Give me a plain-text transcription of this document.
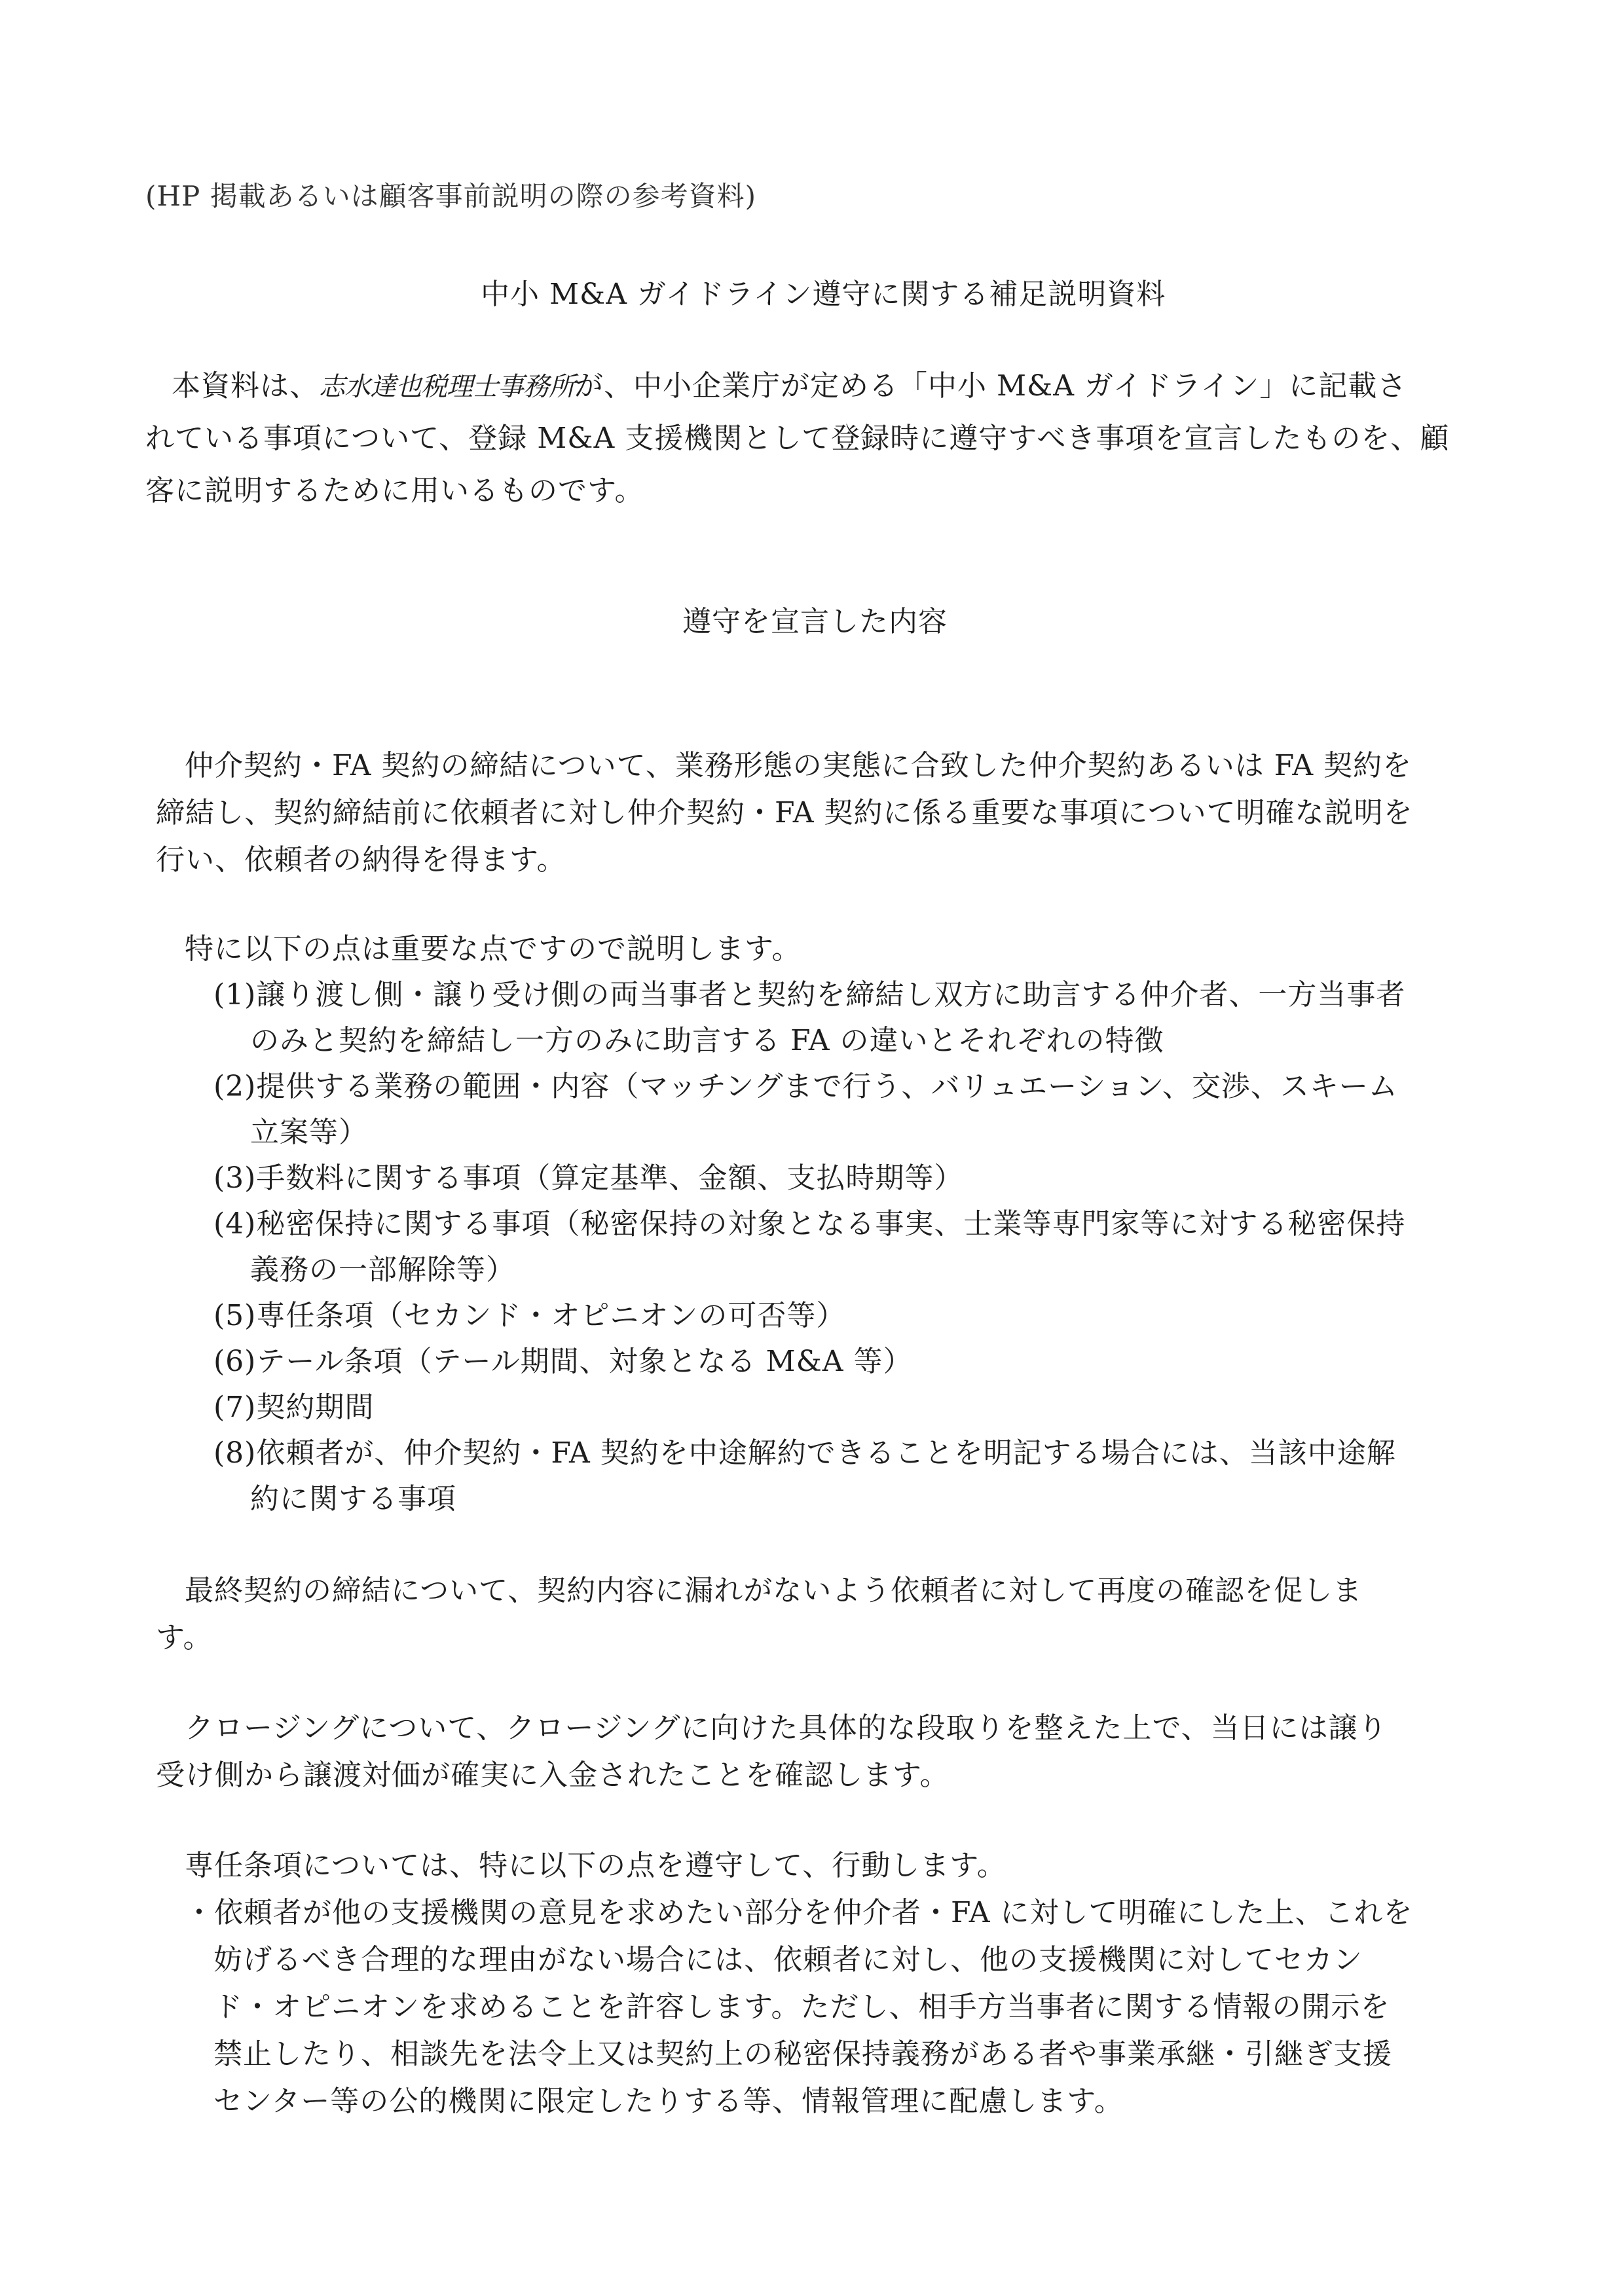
(HP 掲載あるいは顧客事前説明の際の参考資料)
中小 M&A ガイドライン遵守に関する補足説明資料
本資料は、志水達也税理士事務所が、中小企業庁が定める「中小 M&A ガイドライン」に記載さ
れている事項について、登録 M&A 支援機関として登録時に遵守すべき事項を宣言したものを、顧
客に説明するために用いるものです。
遵守を宣言した内容
仲介契約・FA 契約の締結について、業務形態の実態に合致した仲介契約あるいは FA 契約を
締結し、契約締結前に依頼者に対し仲介契約・FA 契約に係る重要な事項について明確な説明を
行い、依頼者の納得を得ます。
特に以下の点は重要な点ですので説明します。
(1)譲り渡し側・譲り受け側の両当事者と契約を締結し双方に助言する仲介者、一方当事者
のみと契約を締結し一方のみに助言する FA の違いとそれぞれの特徴
(2)提供する業務の範囲・内容（マッチングまで行う、バリュエーション、交渉、スキーム
立案等）
(3)手数料に関する事項（算定基準、金額、支払時期等）
(4)秘密保持に関する事項（秘密保持の対象となる事実、士業等専門家等に対する秘密保持
義務の一部解除等）
(5)専任条項（セカンド・オピニオンの可否等）
(6)テール条項（テール期間、対象となる M&A 等）
(7)契約期間
(8)依頼者が、仲介契約・FA 契約を中途解約できることを明記する場合には、当該中途解
約に関する事項
最終契約の締結について、契約内容に漏れがないよう依頼者に対して再度の確認を促しま
す。
クロージングについて、クロージングに向けた具体的な段取りを整えた上で、当日には譲り
受け側から譲渡対価が確実に入金されたことを確認します。
専任条項については、特に以下の点を遵守して、行動します。
・依頼者が他の支援機関の意見を求めたい部分を仲介者・FA に対して明確にした上、これを
妨げるべき合理的な理由がない場合には、依頼者に対し、他の支援機関に対してセカン
ド・オピニオンを求めることを許容します。ただし、相手方当事者に関する情報の開示を
禁止したり、相談先を法令上又は契約上の秘密保持義務がある者や事業承継・引継ぎ支援
センター等の公的機関に限定したりする等、情報管理に配慮します。
